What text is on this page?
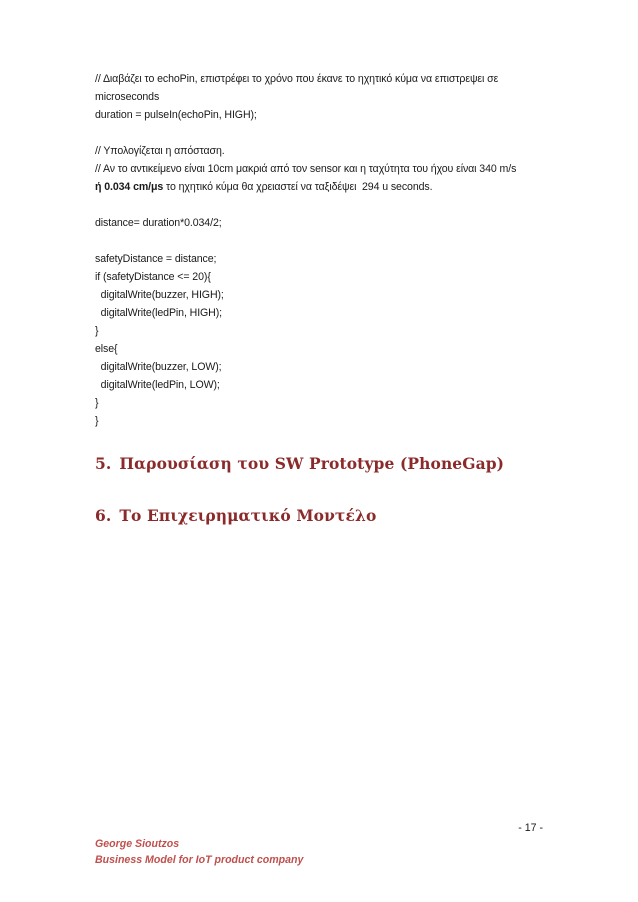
// Διαβάζει το echoPin, επιστρέφει το χρόνο που έκανε το ηχητικό κύμα να επιστρεψει σε
microseconds
duration = pulseIn(echoPin, HIGH);
// Υπολογίζεται η απόσταση.
// Αν το αντικείμενο είναι 10cm μακριά από τον sensor και η ταχύτητα του ήχου είναι 340 m/s
ή 0.034 cm/μs το ηχητικό κύμα θα χρειαστεί να ταξιδέψει  294 u seconds.
distance= duration*0.034/2;
safetyDistance = distance;
if (safetyDistance <= 20){
digitalWrite(buzzer, HIGH);
digitalWrite(ledPin, HIGH);
}
else{
digitalWrite(buzzer, LOW);
digitalWrite(ledPin, LOW);
}
}
5. Παρουσίαση του SW Prototype (PhoneGap)
6. Το Επιχειρηματικό Μοντέλο
- 17 -
George Sioutzos
Business Model for IoT product company
